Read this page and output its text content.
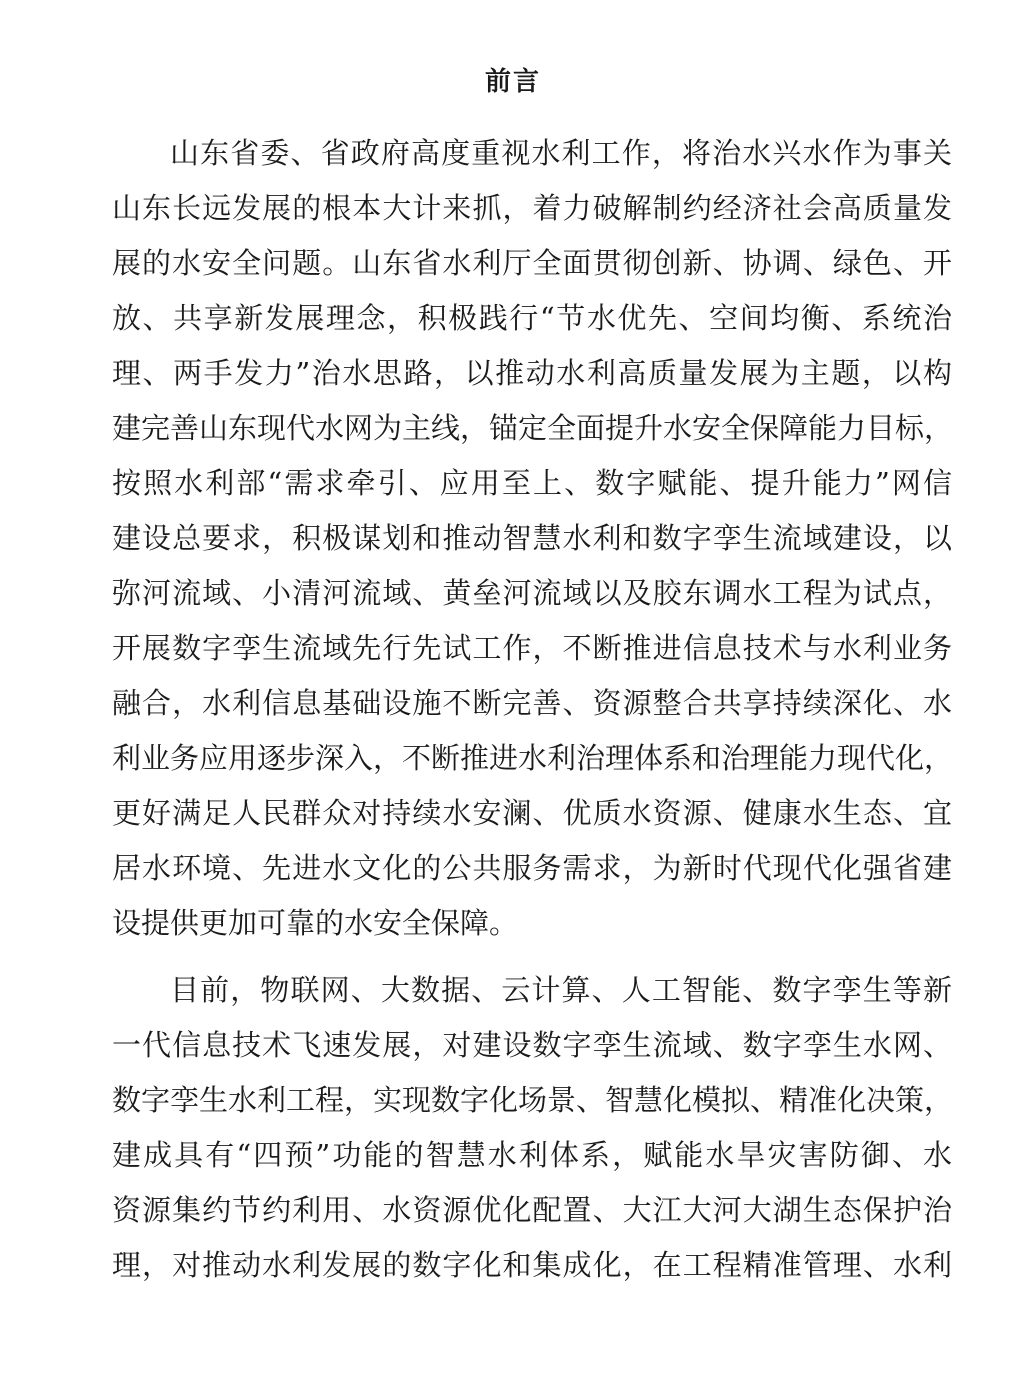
前言

山东省委、省政府高度重视水利工作，将治水兴水作为事关

山东长远发展的根本大计来抓，着力破解制约经济社会高质量发

展的水安全问题。山东省水利厅全面贯彻创新、协调、绿色、开

放、共享新发展理念，积极践行“节水优先、空间均衡、系统治

理、两手发力”治水思路，以推动水利高质量发展为主题，以构

建完善山东现代水网为主线，锚定全面提升水安全保障能力目标，

按照水利部“需求牵引、应用至上、数字赋能、提升能力”网信

建设总要求，积极谋划和推动智慧水利和数字孪生流域建设，以

弥河流域、小清河流域、黄垒河流域以及胶东调水工程为试点，

开展数字孪生流域先行先试工作，不断推进信息技术与水利业务

融合，水利信息基础设施不断完善、资源整合共享持续深化、水

利业务应用逐步深入，不断推进水利治理体系和治理能力现代化，

更好满足人民群众对持续水安澜、优质水资源、健康水生态、宜

居水环境、先进水文化的公共服务需求，为新时代现代化强省建

设提供更加可靠的水安全保障。

目前，物联网、大数据、云计算、人工智能、数字孪生等新

一代信息技术飞速发展，对建设数字孪生流域、数字孪生水网、

数字孪生水利工程，实现数字化场景、智慧化模拟、精准化决策，

建成具有“四预”功能的智慧水利体系，赋能水旱灾害防御、水

资源集约节约利用、水资源优化配置、大江大河大湖生态保护治

理，对推动水利发展的数字化和集成化，在工程精准管理、水利
